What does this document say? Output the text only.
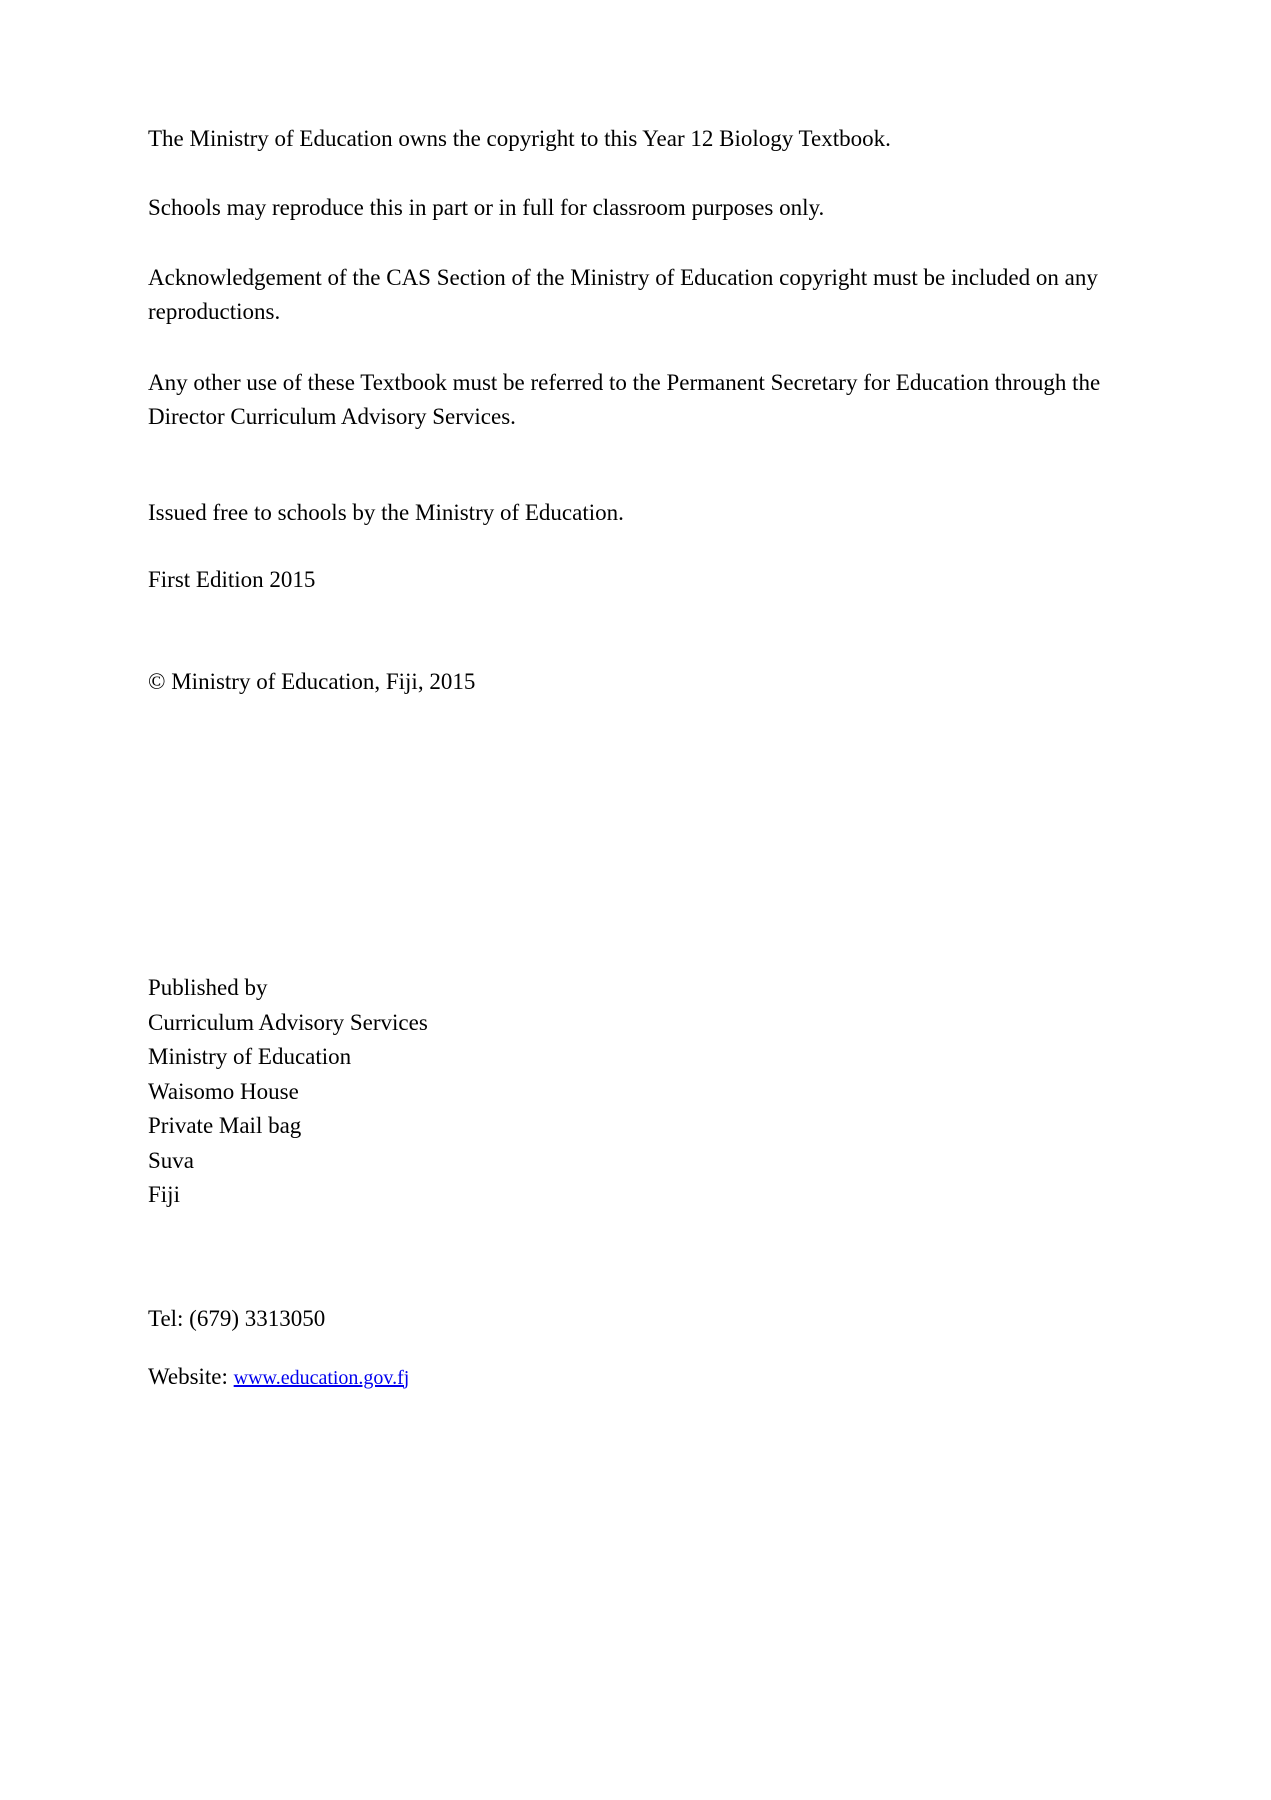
The Ministry of Education owns the copyright to this Year 12 Biology Textbook.

Schools may reproduce this in part or in full for classroom purposes only.

Acknowledgement of the CAS Section of the Ministry of Education copyright must be included on any reproductions.

Any other use of these Textbook must be referred to the Permanent Secretary for Education through the Director Curriculum Advisory Services.

Issued free to schools by the Ministry of Education.

First Edition 2015

© Ministry of Education, Fiji, 2015

Published by
Curriculum Advisory Services
Ministry of Education
Waisomo House
Private Mail bag
Suva
Fiji

Tel: (679) 3313050

Website: www.education.gov.fj
